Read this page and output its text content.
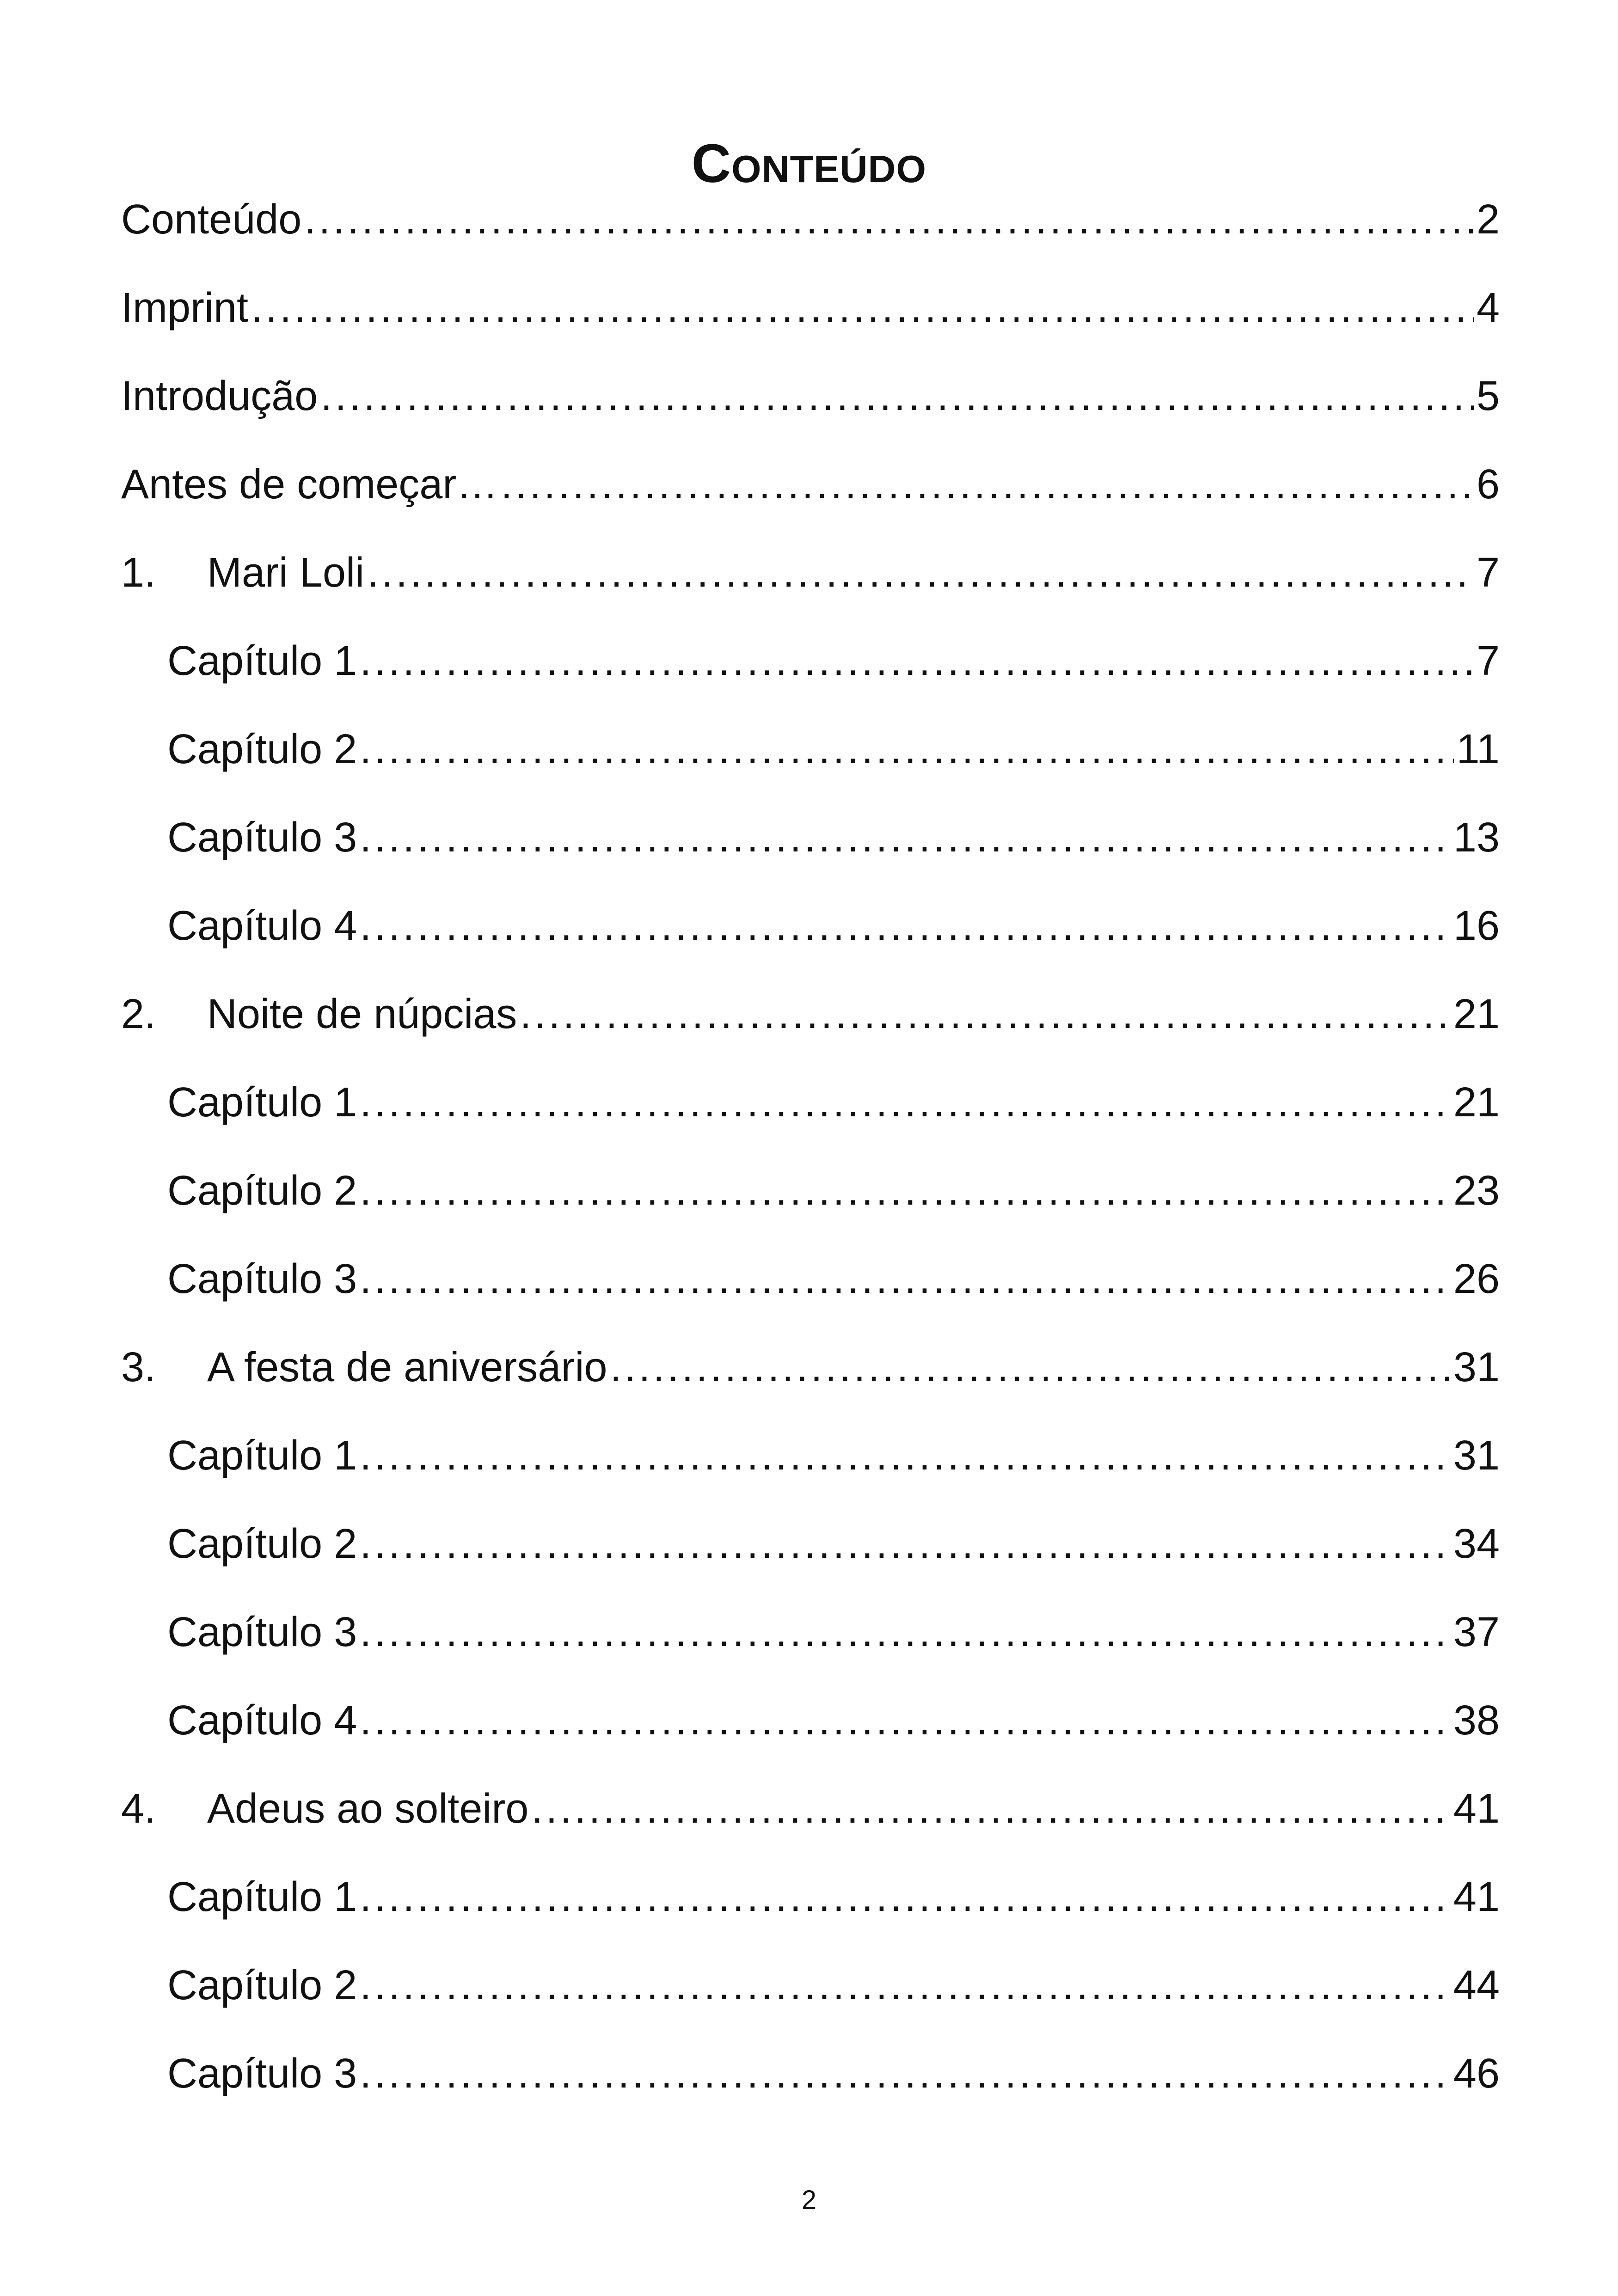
Conteúdo
Conteúdo .....	2
Imprint .....	4
Introdução .....	5
Antes de começar… .....	6
1.	Mari Loli .....	7
Capítulo 1 .....	7
Capítulo 2 .....	11
Capítulo 3 .....	13
Capítulo 4 .....	16
2.	Noite de núpcias .....	21
Capítulo 1 .....	21
Capítulo 2 .....	23
Capítulo 3 .....	26
3.	A festa de aniversário .....	31
Capítulo 1 .....	31
Capítulo 2 .....	34
Capítulo 3 .....	37
Capítulo 4 .....	38
4.	Adeus ao solteiro .....	41
Capítulo 1 .....	41
Capítulo 2 .....	44
Capítulo 3 .....	46
2
